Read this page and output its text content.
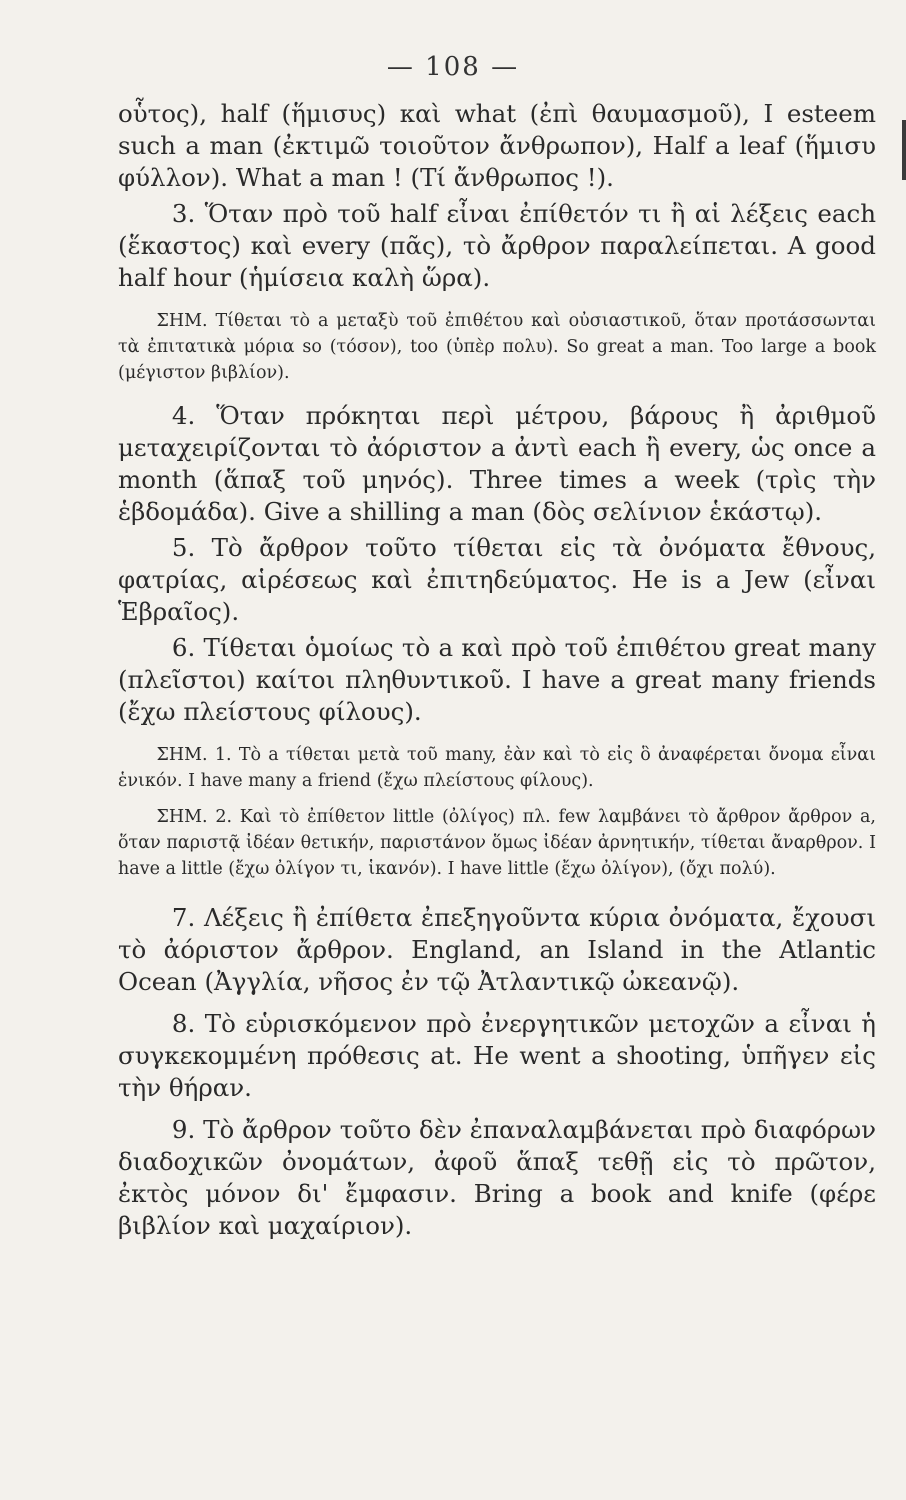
— 108 —

οὗτος), half (ἥμισυς) καὶ what (ἐπὶ θαυμασμοῦ), I esteem such a man (ἐκτιμῶ τοιοῦτον ἄνθρωπον), Half a leaf (ἥμισυ φύλλον). What a man ! (Τί ἄνθρωπος !).

3. Ὅταν πρὸ τοῦ half εἶναι ἐπίθετόν τι ἢ αἱ λέξεις each (ἕκαστος) καὶ every (πᾶς), τὸ ἄρθρον παραλείπεται. A good half hour (ἡμίσεια καλὴ ὥρα).

ΣΗΜ. Τίθεται τὸ a μεταξὺ τοῦ ἐπιθέτου καὶ οὐσιαστικοῦ, ὅταν προτάσσωνται τὰ ἐπιτατικὰ μόρια so (τόσον), too (ὑπὲρ πολυ). So great a man. Too large a book (μέγιστον βιβλίον).

4. Ὅταν πρόκηται περὶ μέτρου, βάρους ἢ ἀριθμοῦ μεταχειρίζονται τὸ ἀόριστον a ἀντὶ each ἢ every, ὡς once a month (ἅπαξ τοῦ μηνός). Three times a week (τρὶς τὴν ἑβδομάδα). Give a shilling a man (δὸς σελίνιον ἑκάστῳ).

5. Τὸ ἄρθρον τοῦτο τίθεται εἰς τὰ ὀνόματα ἔθνους, φατρίας, αἱρέσεως καὶ ἐπιτηδεύματος. He is a Jew (εἶναι Ἑβραῖος).

6. Τίθεται ὁμοίως τὸ a καὶ πρὸ τοῦ ἐπιθέτου great many (πλεῖστοι) καίτοι πληθυντικοῦ. I have a great many friends (ἔχω πλείστους φίλους).

ΣΗΜ. 1. Τὸ a τίθεται μετὰ τοῦ many, ἐὰν καὶ τὸ εἰς ὃ ἀναφέρεται ὄνομα εἶναι ἑνικόν. I have many a friend (ἔχω πλείστους φίλους).

ΣΗΜ. 2. Καὶ τὸ ἐπίθετον little (ὀλίγος) πλ. few λαμβάνει τὸ ἄρθρον ἄρθρον a, ὅταν παριστᾷ ἰδέαν θετικήν, παριστάνον ὅμως ἰδέαν ἀρνητικήν, τίθεται ἄναρθρον. I have a little (ἔχω ὀλίγον τι, ἱκανόν). I have little (ἔχω ὀλίγον), (ὄχι πολύ).

7. Λέξεις ἢ ἐπίθετα ἐπεξηγοῦντα κύρια ὀνόματα, ἔχουσι τὸ ἀόριστον ἄρθρον. England, an Island in the Atlantic Ocean (Ἀγγλία, νῆσος ἐν τῷ Ἀτλαντικῷ ὠκεανῷ).

8. Τὸ εὑρισκόμενον πρὸ ἐνεργητικῶν μετοχῶν a εἶναι ἡ συγκεκομμένη πρόθεσις at. He went a shooting, ὑπῆγεν εἰς τὴν θήραν.

9. Τὸ ἄρθρον τοῦτο δὲν ἐπαναλαμβάνεται πρὸ διαφόρων διαδοχικῶν ὀνομάτων, ἀφοῦ ἅπαξ τεθῇ εἰς τὸ πρῶτον, ἐκτὸς μόνον δι' ἔμφασιν. Bring a book and knife (φέρε βιβλίον καὶ μαχαίριον).
